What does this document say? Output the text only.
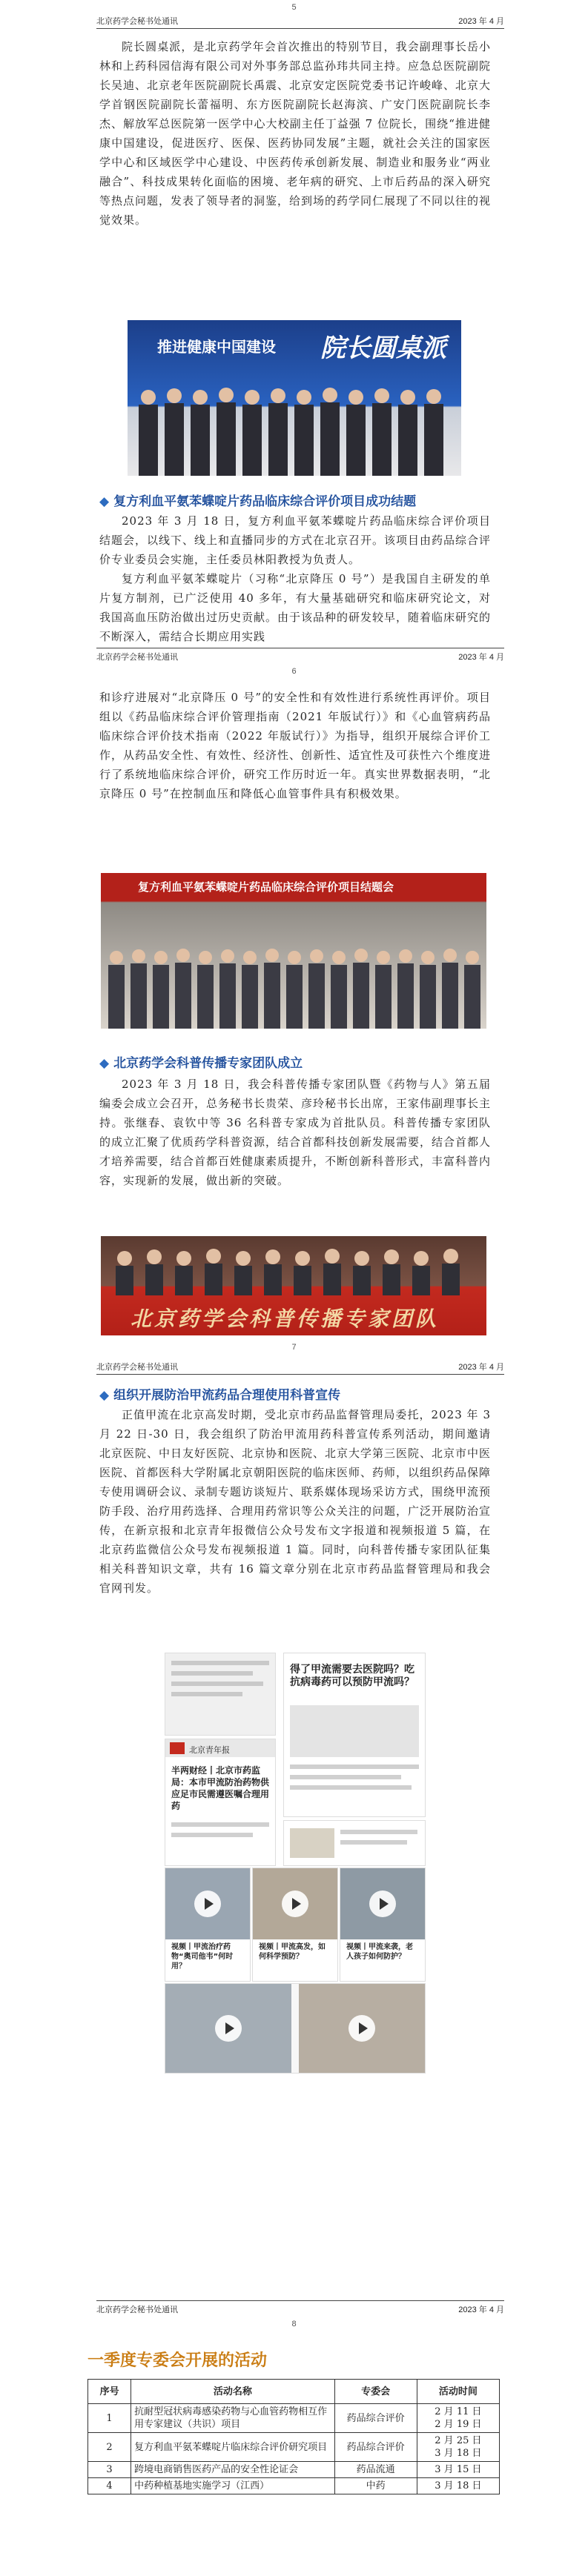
5
北京药学会秘书处通讯	2023 年 4 月
院长圆桌派，是北京药学年会首次推出的特别节目，我会副理事长岳小林和上药科园信海有限公司对外事务部总监孙玮共同主持。应急总医院副院长吴迪、北京老年医院副院长禹震、北京安定医院党委书记许峻峰、北京大学首钢医院副院长蕾福明、东方医院副院长赵海滨、广安门医院副院长李杰、解放军总医院第一医学中心大校副主任丁益强 7 位院长，围绕“推进健康中国建设，促进医疗、医保、医药协同发展”主题，就社会关注的国家医学中心和区域医学中心建设、中医药传承创新发展、制造业和服务业“两业融合”、科技成果转化面临的困境、老年病的研究、上市后药品的深入研究等热点问题，发表了领导者的洞鉴，给到场的药学同仁展现了不同以往的视觉效果。
推进健康中国建设 院长圆桌派
◆ 复方利血平氨苯蝶啶片药品临床综合评价项目成功结题
2023 年 3 月 18 日，复方利血平氨苯蝶啶片药品临床综合评价项目结题会，以线下、线上和直播同步的方式在北京召开。该项目由药品综合评价专业委员会实施，主任委员林阳教授为负责人。
复方利血平氨苯蝶啶片（习称“北京降压 0 号”）是我国自主研发的单片复方制剂，已广泛使用 40 多年，有大量基础研究和临床研究论文，对我国高血压防治做出过历史贡献。由于该品种的研发较早，随着临床研究的不断深入，需结合长期应用实践
北京药学会秘书处通讯	2023 年 4 月
6
和诊疗进展对“北京降压 0 号”的安全性和有效性进行系统性再评价。项目组以《药品临床综合评价管理指南（2021 年版试行）》和《心血管病药品临床综合评价技术指南（2022 年版试行）》为指导，组织开展综合评价工作，从药品安全性、有效性、经济性、创新性、适宜性及可获性六个维度进行了系统地临床综合评价，研究工作历时近一年。真实世界数据表明，“北京降压 0 号”在控制血压和降低心血管事件具有积极效果。
复方利血平氨苯蝶啶片药品临床综合评价项目结题会
◆ 北京药学会科普传播专家团队成立
2023 年 3 月 18 日，我会科普传播专家团队暨《药物与人》第五届编委会成立会召开，总务秘书长贵荣、彦玲秘书长出席，王家伟副理事长主持。张继春、袁钦中等 36 名科普专家成为首批队员。科普传播专家团队的成立汇聚了优质药学科普资源，结合首都科技创新发展需要，结合首都人才培养需要，结合首都百姓健康素质提升，不断创新科普形式，丰富科普内容，实现新的发展，做出新的突破。
北京药学会科普传播专家团队
7
北京药学会秘书处通讯	2023 年 4 月
◆ 组织开展防治甲流药品合理使用科普宣传
正值甲流在北京高发时期，受北京市药品监督管理局委托，2023 年 3 月 22 日-30 日，我会组织了防治甲流用药科普宣传系列活动，期间邀请北京医院、中日友好医院、北京协和医院、北京大学第三医院、北京市中医医院、首都医科大学附属北京朝阳医院的临床医师、药师，以组织药品保障专使用调研会议、录制专题访谈短片、联系媒体现场采访方式，围绕甲流预防手段、治疗用药选择、合理用药常识等公众关注的问题，广泛开展防治宣传，在新京报和北京青年报微信公众号发布文字报道和视频报道 5 篇，在北京药监微信公众号发布视频报道 1 篇。同时，向科普传播专家团队征集相关科普知识文章，共有 16 篇文章分别在北京市药品监督管理局和我会官网刊发。
得了甲流需要去医院吗？吃抗病毒药可以预防甲流吗？
北京青年报
半两财经丨北京市药监局：本市甲流防治药物供应足市民需遵医嘱合理用药
视频丨甲流治疗药物“奥司他韦”何时用？
视频丨甲流高发，如何科学预防？
视频丨甲流来袭，老人孩子如何防护？
北京药学会秘书处通讯	2023 年 4 月
8
一季度专委会开展的活动
序号	活动名称	专委会	活动时间
1	抗耐型冠状病毒感染药物与心血管药物相互作用专家建议（共识）项目	药品综合评价	2 月 11 日
2 月 19 日
2	复方利血平氨苯蝶啶片临床综合评价研究项目	药品综合评价	2 月 25 日
3 月 18 日
3	跨境电商销售医药产品的安全性论证会	药品流通	3 月 15 日
4	中药种植基地实施学习（江西）	中药	3 月 18 日
